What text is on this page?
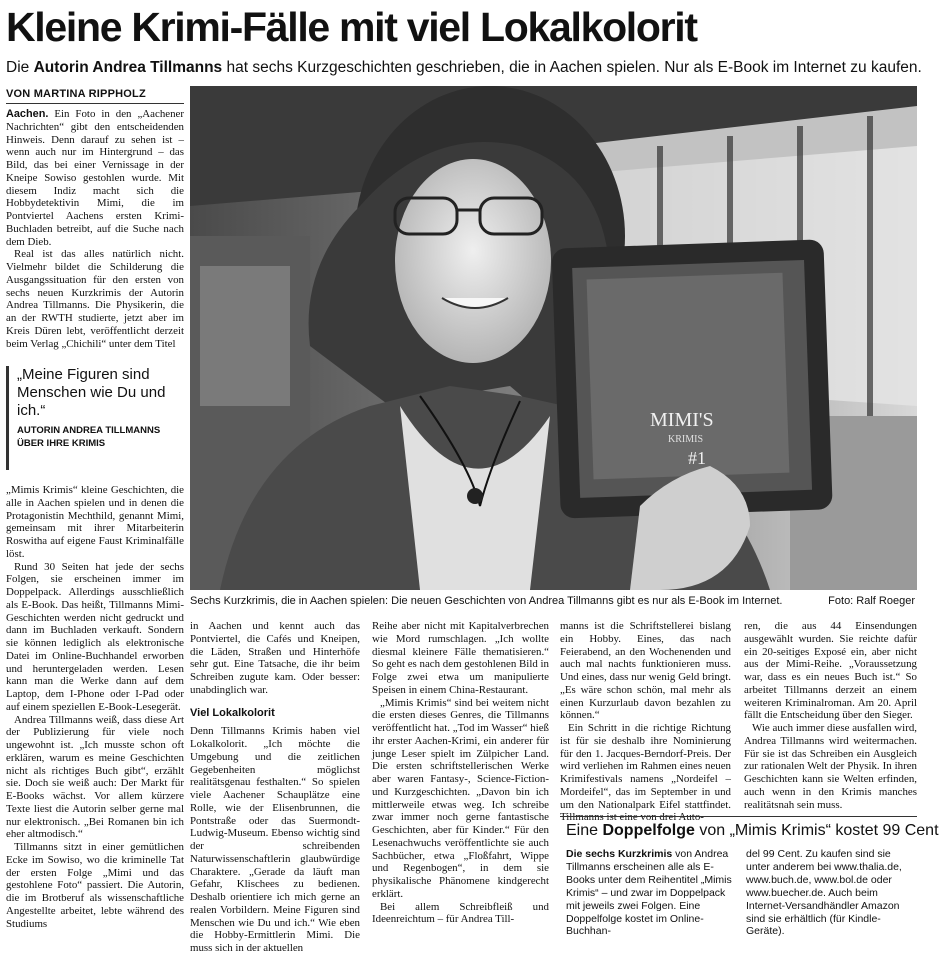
Kleine Krimi-Fälle mit viel Lokalkolorit
Die Autorin Andrea Tillmanns hat sechs Kurzgeschichten geschrieben, die in Aachen spielen. Nur als E-Book im Internet zu kaufen.
VON MARTINA RIPPHOLZ

Aachen. Ein Foto in den „Aachener Nachrichten“ gibt den entscheidenden Hinweis. Denn darauf zu sehen ist – wenn auch nur im Hintergrund – das Bild, das bei einer Vernissage in der Kneipe Sowiso gestohlen wurde. Mit diesem Indiz macht sich die Hobbydetektivin Mimi, die im Pontviertel Aachens ersten Krimi-Buchladen betreibt, auf die Suche nach dem Dieb.

Real ist das alles natürlich nicht. Vielmehr bildet die Schilderung die Ausgangssituation für den ersten von sechs neuen Kurzkrimis der Autorin Andrea Tillmanns. Die Physikerin, die an der RWTH studierte, jetzt aber im Kreis Düren lebt, veröffentlicht derzeit beim Verlag „Chichili“ unter dem Titel

„Meine Figuren sind Menschen wie Du und ich.“
AUTORIN ANDREA TILLMANNS ÜBER IHRE KRIMIS

„Mimis Krimis“ kleine Geschichten, die alle in Aachen spielen und in denen die Protagonistin Mechthild, genannt Mimi, gemeinsam mit ihrer Mitarbeiterin Roswitha auf eigene Faust Kriminalfälle löst.

Rund 30 Seiten hat jede der sechs Folgen, sie erscheinen immer im Doppelpack. Allerdings ausschließlich als E-Book. Das heißt, Tillmanns Mimi-Geschichten werden nicht gedruckt und dann im Buchladen verkauft. Sondern sie können lediglich als elektronische Datei im Online-Buchhandel erworben und heruntergeladen werden. Lesen kann man die Werke dann auf dem Laptop, dem I-Phone oder I-Pad oder auf einem speziellen E-Book-Lesegerät.

Andrea Tillmanns weiß, dass diese Art der Publizierung für viele noch ungewohnt ist. „Ich musste schon oft erklären, warum es meine Geschichten nicht als richtiges Buch gibt“, erzählt sie. Doch sie weiß auch: Der Markt für E-Books wächst. Vor allem kürzere Texte liest die Autorin selber gerne mal nur elektronisch. „Bei Romanen bin ich eher altmodisch.“

Tillmanns sitzt in einer gemütlichen Ecke im Sowiso, wo die kriminelle Tat der ersten Folge „Mimi und das gestohlene Foto“ passiert. Die Autorin, die im Brotberuf als wissenschaftliche Angestellte arbeitet, lebte während des Studiums

MIMI'S
KRIMIS
#1
Sechs Kurzkrimis, die in Aachen spielen: Die neuen Geschichten von Andrea Tillmanns gibt es nur als E-Book im Internet.	Foto: Ralf Roeger

in Aachen und kennt auch das Pontviertel, die Cafés und Kneipen, die Läden, Straßen und Hinterhöfe sehr gut. Eine Tatsache, die ihr beim Schreiben zugute kam. Oder besser: unabdinglich war.

Viel Lokalkolorit

Denn Tillmanns Krimis haben viel Lokalkolorit. „Ich möchte die Umgebung und die zeitlichen Gegebenheiten möglichst realitätsgenau festhalten.“ So spielen viele Aachener Schauplätze eine Rolle, wie der Elisenbrunnen, die Pontstraße oder das Suermondt-Ludwig-Museum. Ebenso wichtig sind der schreibenden Naturwissenschaftlerin glaubwürdige Charaktere. „Gerade da läuft man Gefahr, Klischees zu bedienen. Deshalb orientiere ich mich gerne an realen Vorbildern. Meine Figuren sind Menschen wie Du und ich.“ Wie eben die Hobby-Ermittlerin Mimi. Die muss sich in der aktuellen

Reihe aber nicht mit Kapitalverbrechen wie Mord rumschlagen. „Ich wollte diesmal kleinere Fälle thematisieren.“ So geht es nach dem gestohlenen Bild in Folge zwei etwa um manipulierte Speisen in einem China-Restaurant.

„Mimis Krimis“ sind bei weitem nicht die ersten dieses Genres, die Tillmanns veröffentlicht hat. „Tod im Wasser“ hieß ihr erster Aachen-Krimi, ein anderer für junge Leser spielt im Zülpicher Land. Die ersten schriftstellerischen Werke aber waren Fantasy-, Science-Fiction- und Kurzgeschichten. „Davon bin ich mittlerweile etwas weg. Ich schreibe zwar immer noch gerne fantastische Geschichten, aber für Kinder.“ Für den Lesenachwuchs veröffentlichte sie auch Sachbücher, etwa „Floßfahrt, Wippe und Regenbogen“, in dem sie physikalische Phänomene kindgerecht erklärt.

Bei allem Schreibfleiß und Ideenreichtum – für Andrea Till-

manns ist die Schriftstellerei bislang ein Hobby. Eines, das nach Feierabend, an den Wochenenden und auch mal nachts funktionieren muss. Und eines, dass nur wenig Geld bringt. „Es wäre schon schön, mal mehr als einen Kurzurlaub davon bezahlen zu können.“

Ein Schritt in die richtige Richtung ist für sie deshalb ihre Nominierung für den 1. Jacques-Berndorf-Preis. Der wird verliehen im Rahmen eines neuen Krimifestivals namens „Nordeifel – Mordeifel“, das im September in und um den Nationalpark Eifel stattfindet. Tillmanns ist eine von drei Auto-

ren, die aus 44 Einsendungen ausgewählt wurden. Sie reichte dafür ein 20-seitiges Exposé ein, aber nicht aus der Mimi-Reihe. „Voraussetzung war, dass es ein neues Buch ist.“ So arbeitet Tillmanns derzeit an einem weiteren Kriminalroman. Am 20. April fällt die Entscheidung über den Sieger.

Wie auch immer diese ausfallen wird, Andrea Tillmanns wird weitermachen. Für sie ist das Schreiben ein Ausgleich zur rationalen Welt der Physik. In ihren Geschichten kann sie Welten erfinden, auch wenn in den Krimis manches realitätsnah sein muss.

Eine Doppelfolge von „Mimis Krimis“ kostet 99 Cent
Die sechs Kurzkrimis von Andrea Tillmanns erscheinen alle als E-Books unter dem Reihentitel „Mimis Krimis“ – und zwar im Doppelpack mit jeweils zwei Folgen. Eine Doppelfolge kostet im Online-Buchhan-
del 99 Cent. Zu kaufen sind sie unter anderem bei www.thalia.de, www.buch.de, www.bol.de oder www.buecher.de. Auch beim Internet-Versandhändler Amazon sind sie erhältlich (für Kindle-Geräte).
